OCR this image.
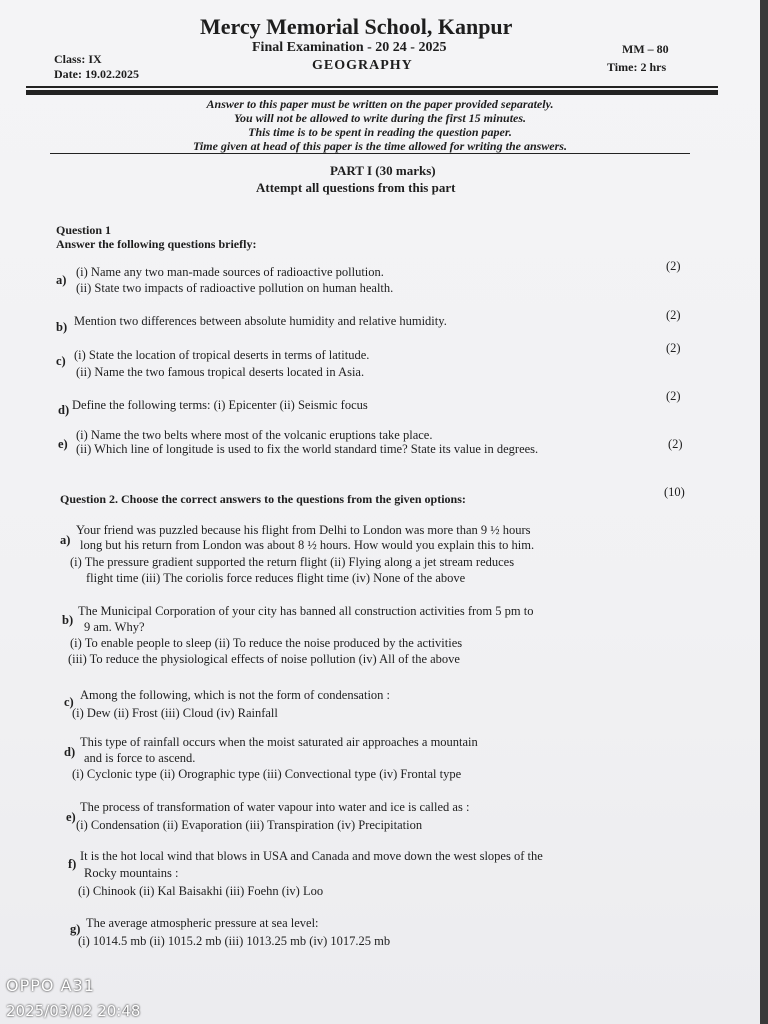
Mercy Memorial School, Kanpur
Final Examination - 20 24 - 2025
GEOGRAPHY
Class: IX
Date: 19.02.2025
MM – 80
Time: 2 hrs
Answer to this paper must be written on the paper provided separately.
You will not be allowed to write during the first 15 minutes.
This time is to be spent in reading the question paper.
Time given at head of this paper is the time allowed for writing the answers.
PART I (30 marks)
Attempt all questions from this part
Question 1
Answer the following questions briefly:
a)
(i) Name any two man-made sources of radioactive pollution.
(ii) State two impacts of radioactive pollution on human health.
(2)
b) Mention two differences between absolute humidity and relative humidity.	(2)
c) (i) State the location of tropical deserts in terms of latitude.
(ii) Name the two famous tropical deserts located in Asia.
(2)
d) Define the following terms: (i) Epicenter (ii) Seismic focus
(2)
e)
(i) Name the two belts where most of the volcanic eruptions take place.
(ii) Which line of longitude is used to fix the world standard time? State its value in degrees.	(2)
Question 2. Choose the correct answers to the questions from the given options:	(10)
a)
Your friend was puzzled because his flight from Delhi to London was more than 9 ½ hours
long but his return from London was about 8 ½ hours. How would you explain this to him.
(i) The pressure gradient supported the return flight (ii) Flying along a jet stream reduces
flight time (iii) The coriolis force reduces flight time (iv) None of the above
b)
The Municipal Corporation of your city has banned all construction activities from 5 pm to
9 am. Why?
(i) To enable people to sleep (ii) To reduce the noise produced by the activities
(iii) To reduce the physiological effects of noise pollution (iv) All of the above
c) Among the following, which is not the form of condensation :
(i) Dew (ii) Frost (iii) Cloud (iv) Rainfall
d)
This type of rainfall occurs when the moist saturated air approaches a mountain
and is force to ascend.
(i) Cyclonic type (ii) Orographic type (iii) Convectional type (iv) Frontal type
e)
The process of transformation of water vapour into water and ice is called as :
(i) Condensation (ii) Evaporation (iii) Transpiration (iv) Precipitation
f)
It is the hot local wind that blows in USA and Canada and move down the west slopes of the
Rocky mountains :
(i) Chinook (ii) Kal Baisakhi (iii) Foehn (iv) Loo
g) The average atmospheric pressure at sea level:
(i) 1014.5 mb (ii) 1015.2 mb (iii) 1013.25 mb (iv) 1017.25 mb
OPPO A31
2025/03/02 20:48
